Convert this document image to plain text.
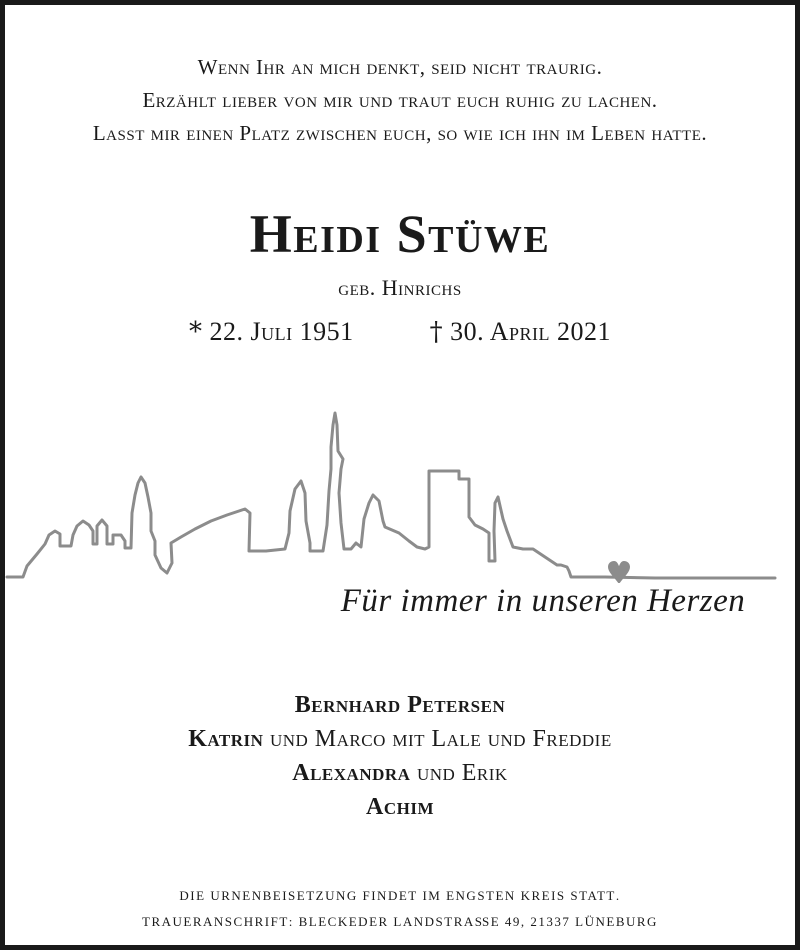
Wenn Ihr an mich denkt, seid nicht traurig.
Erzählt lieber von mir und traut euch ruhig zu lachen.
Lasst mir einen Platz zwischen euch, so wie ich ihn im Leben hatte.
Heidi Stüwe
geb. Hinrichs
* 22. Juli 1951	† 30. April 2021
Für immer in unseren Herzen
Bernhard Petersen
Katrin und Marco mit Lale und Freddie
Alexandra und Erik
Achim
Die Urnenbeisetzung findet im engsten Kreis statt.
Traueranschrift: Bleckeder Landstraße 49, 21337 Lüneburg
